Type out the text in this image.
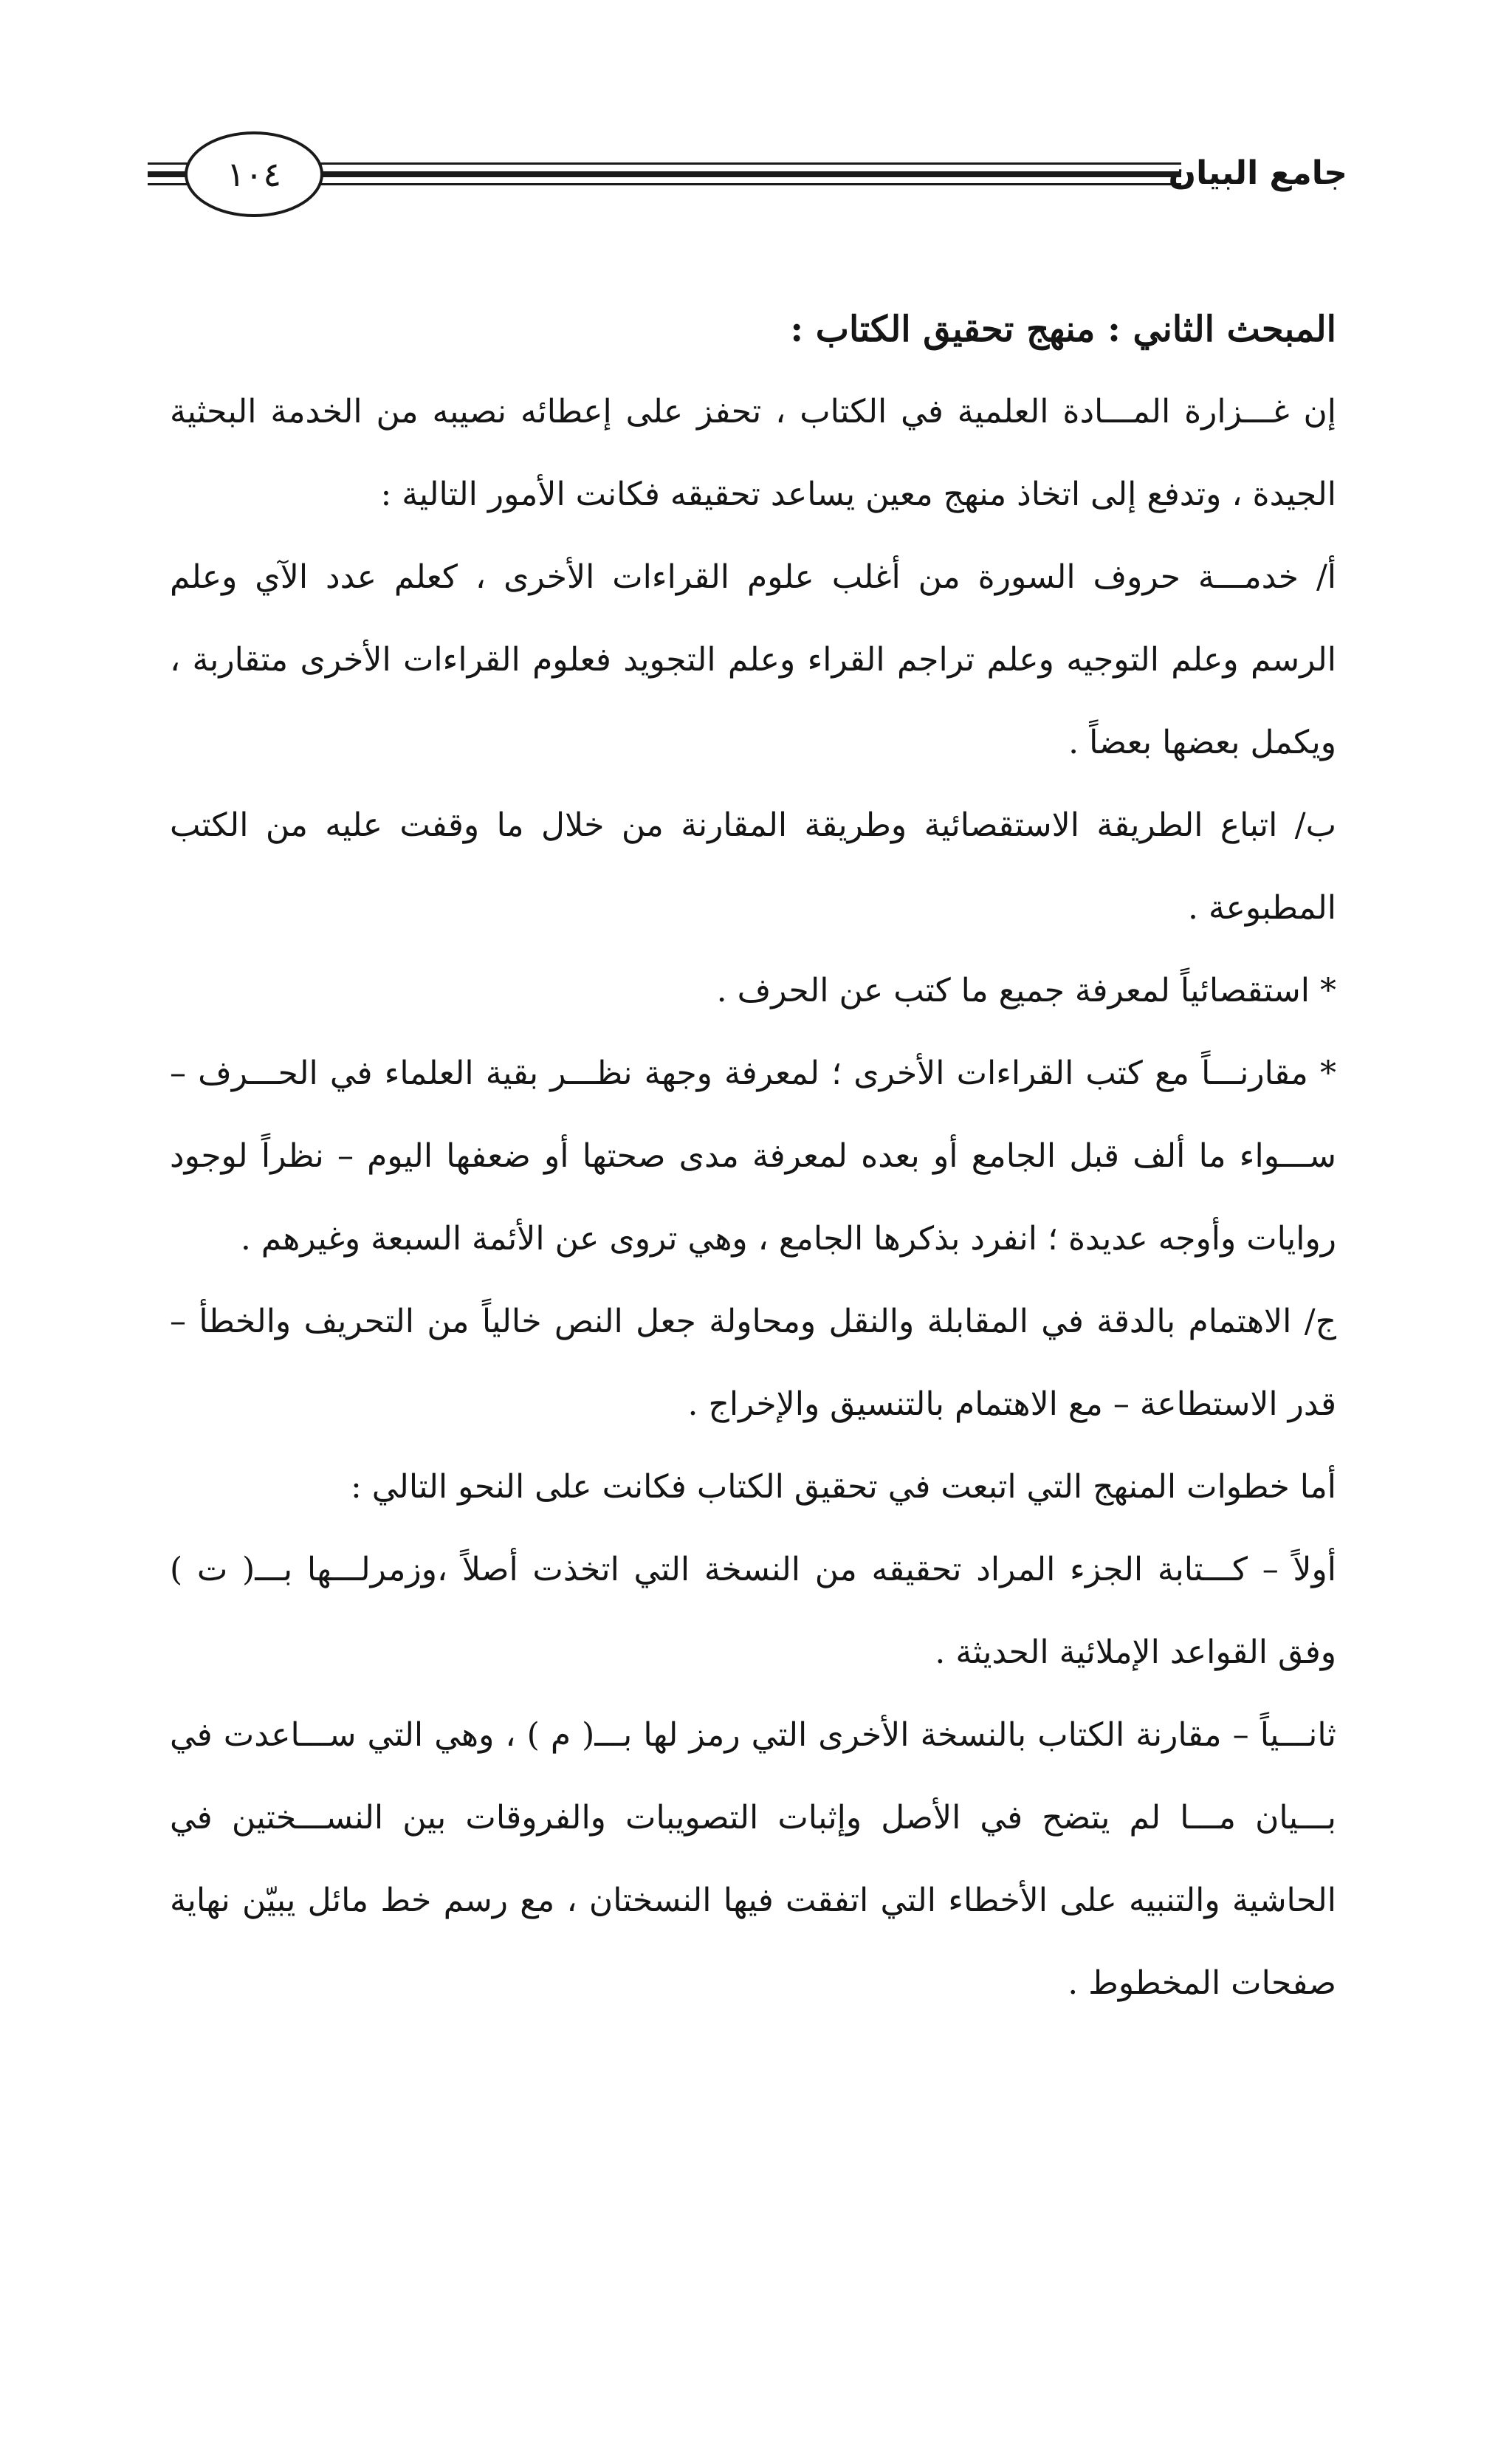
١٠٤	جامع البيان

المبحث الثاني : منهج تحقيق الكتاب :

إن غـــزارة المـــادة العلمية في الكتاب ، تحفز على إعطائه نصيبه من الخدمة البحثية الجيدة ، وتدفع إلى اتخاذ منهج معين يساعد تحقيقه فكانت الأمور التالية :

أ/ خدمـــة حروف السورة من أغلب علوم القراءات الأخرى ، كعلم عدد الآي وعلم الرسم وعلم التوجيه وعلم تراجم القراء وعلم التجويد فعلوم القراءات الأخرى متقاربة ، ويكمل بعضها بعضاً .

ب/ اتباع الطريقة الاستقصائية وطريقة المقارنة من خلال ما وقفت عليه من الكتب المطبوعة .

* استقصائياً لمعرفة جميع ما كتب عن الحرف .

* مقارنـــاً مع كتب القراءات الأخرى ؛ لمعرفة وجهة نظـــر بقية العلماء في الحـــرف – ســـواء ما ألف قبل الجامع أو بعده لمعرفة مدى صحتها أو ضعفها اليوم – نظراً لوجود روايات وأوجه عديدة ؛ انفرد بذكرها الجامع ، وهي تروى عن الأئمة السبعة وغيرهم .

ج/ الاهتمام بالدقة في المقابلة والنقل ومحاولة جعل النص خالياً من التحريف والخطأ – قدر الاستطاعة – مع الاهتمام بالتنسيق والإخراج .

أما خطوات المنهج التي اتبعت في تحقيق الكتاب فكانت على النحو التالي :

أولاً – كـــتابة الجزء المراد تحقيقه من النسخة التي اتخذت أصلاً ،وزمرلـــها بـــ( ت ) وفق القواعد الإملائية الحديثة .

ثانـــياً – مقارنة الكتاب بالنسخة الأخرى التي رمز لها بـــ( م ) ، وهي التي ســـاعدت في بـــيان مـــا لم يتضح في الأصل وإثبات التصويبات والفروقات بين النســـختين في الحاشية والتنبيه على الأخطاء التي اتفقت فيها النسختان ، مع رسم خط مائل يبيّن نهاية صفحات المخطوط .
